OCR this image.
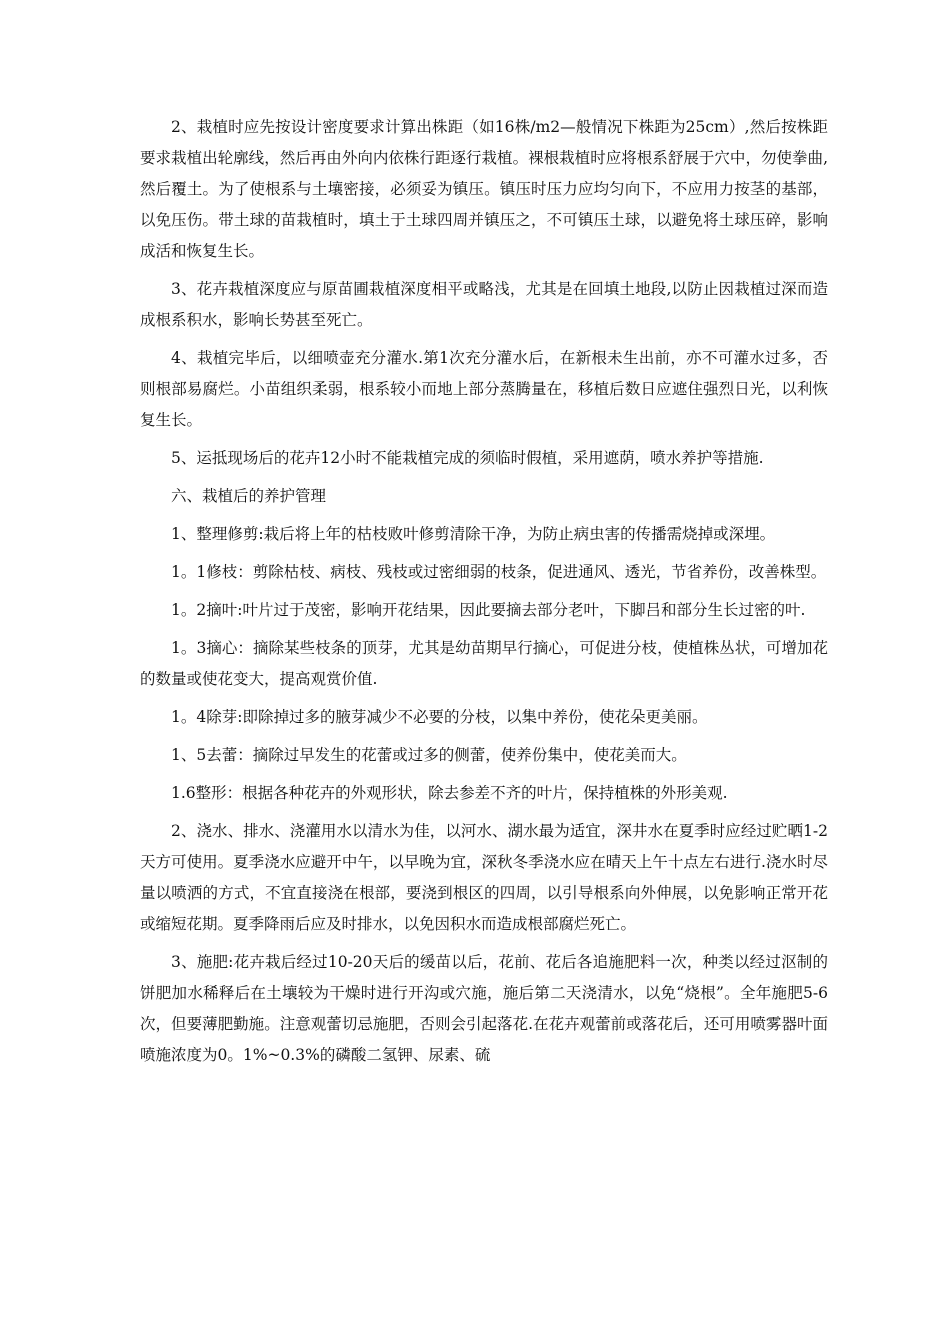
2、栽植时应先按设计密度要求计算出株距（如16株/m2—般情况下株距为25cm）,然后按株距要求栽植出轮廓线，然后再由外向内依株行距逐行栽植。裸根栽植时应将根系舒展于穴中，勿使拳曲,然后覆土。为了使根系与土壤密接，必须妥为镇压。镇压时压力应均匀向下，不应用力按茎的基部，以免压伤。带土球的苗栽植时，填土于土球四周并镇压之，不可镇压土球，以避免将土球压碎，影响成活和恢复生长。

3、花卉栽植深度应与原苗圃栽植深度相平或略浅，尤其是在回填土地段,以防止因栽植过深而造成根系积水，影响长势甚至死亡。

4、栽植完毕后，以细喷壶充分灌水.第1次充分灌水后，在新根未生出前，亦不可灌水过多，否则根部易腐烂。小苗组织柔弱，根系较小而地上部分蒸腾量在，移植后数日应遮住强烈日光，以利恢复生长。

5、运抵现场后的花卉12小时不能栽植完成的须临时假植，采用遮荫，喷水养护等措施.

六、栽植后的养护管理

1、整理修剪:栽后将上年的枯枝败叶修剪清除干净，为防止病虫害的传播需烧掉或深埋。

1。1修枝：剪除枯枝、病枝、残枝或过密细弱的枝条，促进通风、透光，节省养份，改善株型。

1。2摘叶:叶片过于茂密，影响开花结果，因此要摘去部分老叶，下脚吕和部分生长过密的叶.

1。3摘心：摘除某些枝条的顶芽，尤其是幼苗期早行摘心，可促进分枝，使植株丛状，可增加花的数量或使花变大，提高观赏价值.

1。4除芽:即除掉过多的腋芽减少不必要的分枝，以集中养份，使花朵更美丽。

1、5去蕾：摘除过早发生的花蕾或过多的侧蕾，使养份集中，使花美而大。

1.6整形：根据各种花卉的外观形状，除去参差不齐的叶片，保持植株的外形美观.

2、浇水、排水、浇灌用水以清水为佳，以河水、湖水最为适宜，深井水在夏季时应经过贮晒1-2天方可使用。夏季浇水应避开中午，以早晚为宜，深秋冬季浇水应在晴天上午十点左右进行.浇水时尽量以喷洒的方式，不宜直接浇在根部，要浇到根区的四周，以引导根系向外伸展，以免影响正常开花或缩短花期。夏季降雨后应及时排水，以免因积水而造成根部腐烂死亡。

3、施肥:花卉栽后经过10-20天后的缓苗以后，花前、花后各追施肥料一次，种类以经过沤制的饼肥加水稀释后在土壤较为干燥时进行开沟或穴施，施后第二天浇清水，以免“烧根”。全年施肥5-6次，但要薄肥勤施。注意观蕾切忌施肥，否则会引起落花.在花卉观蕾前或落花后，还可用喷雾器叶面喷施浓度为0。1%~0.3%的磷酸二氢钾、尿素、硫
